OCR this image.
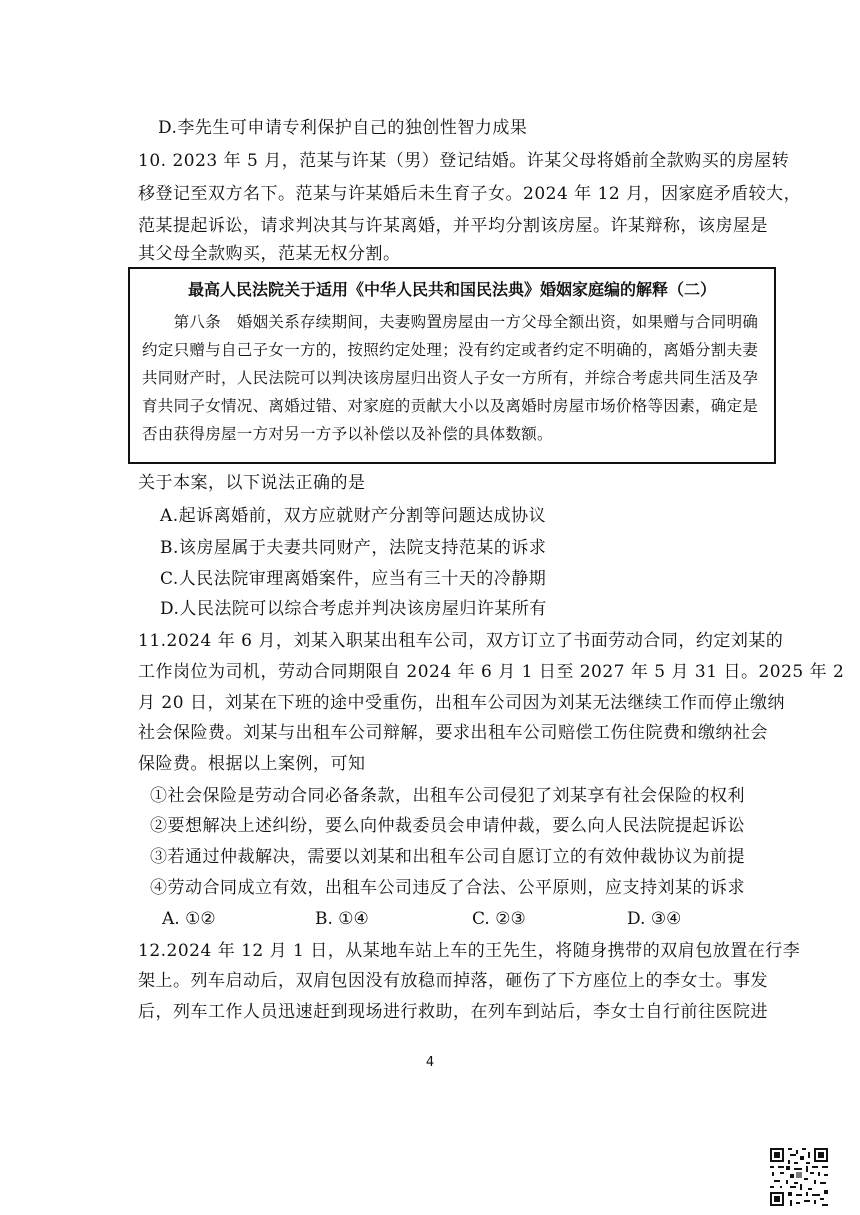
D.李先生可申请专利保护自己的独创性智力成果
10. 2023 年 5 月，范某与许某（男）登记结婚。许某父母将婚前全款购买的房屋转
移登记至双方名下。范某与许某婚后未生育子女。2024 年 12 月，因家庭矛盾较大，
范某提起诉讼，请求判决其与许某离婚，并平均分割该房屋。许某辩称，该房屋是
其父母全款购买，范某无权分割。
最高人民法院关于适用《中华人民共和国民法典》婚姻家庭编的解释（二）
　　第八条　婚姻关系存续期间，夫妻购置房屋由一方父母全额出资，如果赠与合同明确
约定只赠与自己子女一方的，按照约定处理；没有约定或者约定不明确的，离婚分割夫妻
共同财产时，人民法院可以判决该房屋归出资人子女一方所有，并综合考虑共同生活及孕
育共同子女情况、离婚过错、对家庭的贡献大小以及离婚时房屋市场价格等因素，确定是
否由获得房屋一方对另一方予以补偿以及补偿的具体数额。
关于本案，以下说法正确的是
A.起诉离婚前，双方应就财产分割等问题达成协议
B.该房屋属于夫妻共同财产，法院支持范某的诉求
C.人民法院审理离婚案件，应当有三十天的冷静期
D.人民法院可以综合考虑并判决该房屋归许某所有
11.2024 年 6 月，刘某入职某出租车公司，双方订立了书面劳动合同，约定刘某的
工作岗位为司机，劳动合同期限自 2024 年 6 月 1 日至 2027 年 5 月 31 日。2025 年 2
月 20 日，刘某在下班的途中受重伤，出租车公司因为刘某无法继续工作而停止缴纳
社会保险费。刘某与出租车公司辩解，要求出租车公司赔偿工伤住院费和缴纳社会
保险费。根据以上案例，可知
①社会保险是劳动合同必备条款，出租车公司侵犯了刘某享有社会保险的权利
②要想解决上述纠纷，要么向仲裁委员会申请仲裁，要么向人民法院提起诉讼
③若通过仲裁解决，需要以刘某和出租车公司自愿订立的有效仲裁协议为前提
④劳动合同成立有效，出租车公司违反了合法、公平原则，应支持刘某的诉求
A. ①②	B. ①④	C. ②③	D. ③④
12.2024 年 12 月 1 日，从某地车站上车的王先生，将随身携带的双肩包放置在行李
架上。列车启动后，双肩包因没有放稳而掉落，砸伤了下方座位上的李女士。事发
后，列车工作人员迅速赶到现场进行救助，在列车到站后，李女士自行前往医院进
4
